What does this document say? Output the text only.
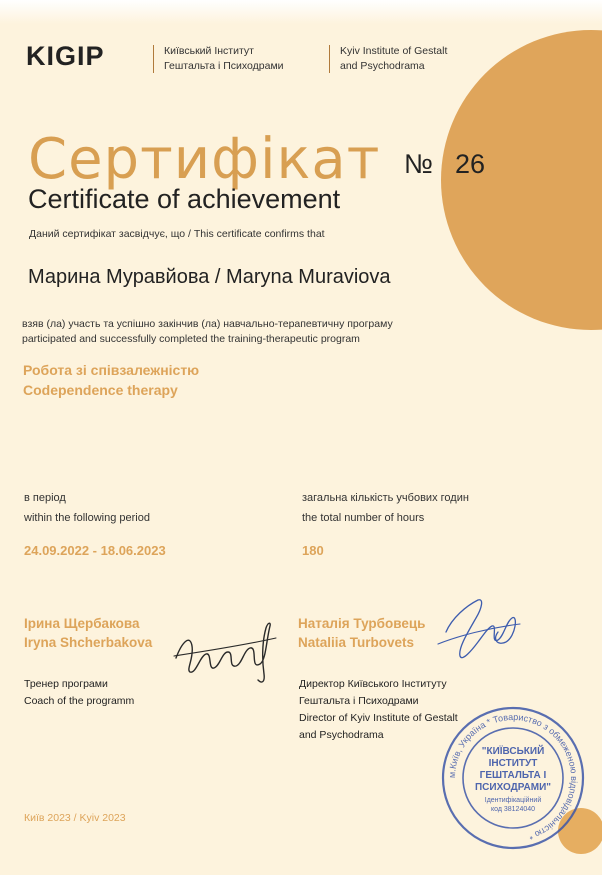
KIGIP	Київський Інститут
Гештальта і Психодрами
Kyiv Institute of Gestalt
and Psychodrama
Сертифікат № 26
Certificate of achievement
Даний сертифікат засвідчує, що / This certificate confirms that
Марина Муравйова / Maryna Muraviova
взяв (ла) участь та успішно закінчив (ла) навчально-терапевтичну програму
participated and successfully completed the training-therapeutic program
Робота зі співзалежністю
Codependence therapy
в період
within the following period
24.09.2022 - 18.06.2023
загальна кількість учбових годин
the total number of hours
180
Ірина Щербакова
Iryna Shcherbakova
Тренер програми
Coach of the programm
Наталія Турбовець
Nataliia Turbovets
Директор Київського Інституту
Гештальта і Психодрами
Director of Kyiv Institute of Gestalt
and Psychodrama
м.Київ, Україна * Товариство з обмеженою відповідальністю *
"КИЇВСЬКИЙ
ІНСТИТУТ
ГЕШТАЛЬТА І
ПСИХОДРАМИ"
Ідентифікаційний
код 38124040
Київ 2023 / Kyiv 2023
